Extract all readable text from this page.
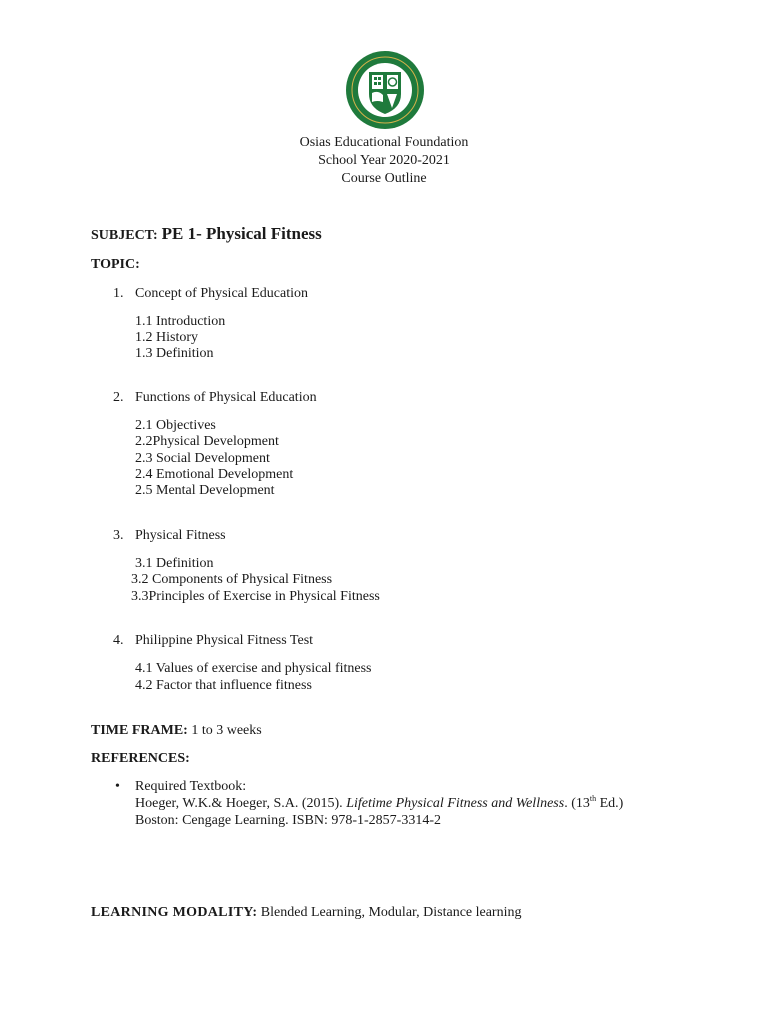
Osias Educational Foundation
School Year 2020-2021
Course Outline
SUBJECT: PE 1- Physical Fitness
TOPIC:
1. Concept of Physical Education
1.1 Introduction
1.2 History
1.3 Definition
2. Functions of Physical Education
2.1 Objectives
2.2Physical Development
2.3 Social Development
2.4 Emotional Development
2.5 Mental Development
3. Physical Fitness
3.1 Definition
3.2 Components of Physical Fitness
3.3Principles of Exercise in Physical Fitness
4. Philippine Physical Fitness Test
4.1 Values of exercise and physical fitness
4.2 Factor that influence fitness
TIME FRAME: 1 to 3 weeks
REFERENCES:
• Required Textbook:
Hoeger, W.K.& Hoeger, S.A. (2015). Lifetime Physical Fitness and Wellness. (13th Ed.)
Boston: Cengage Learning. ISBN: 978-1-2857-3314-2
LEARNING MODALITY: Blended Learning, Modular, Distance learning
